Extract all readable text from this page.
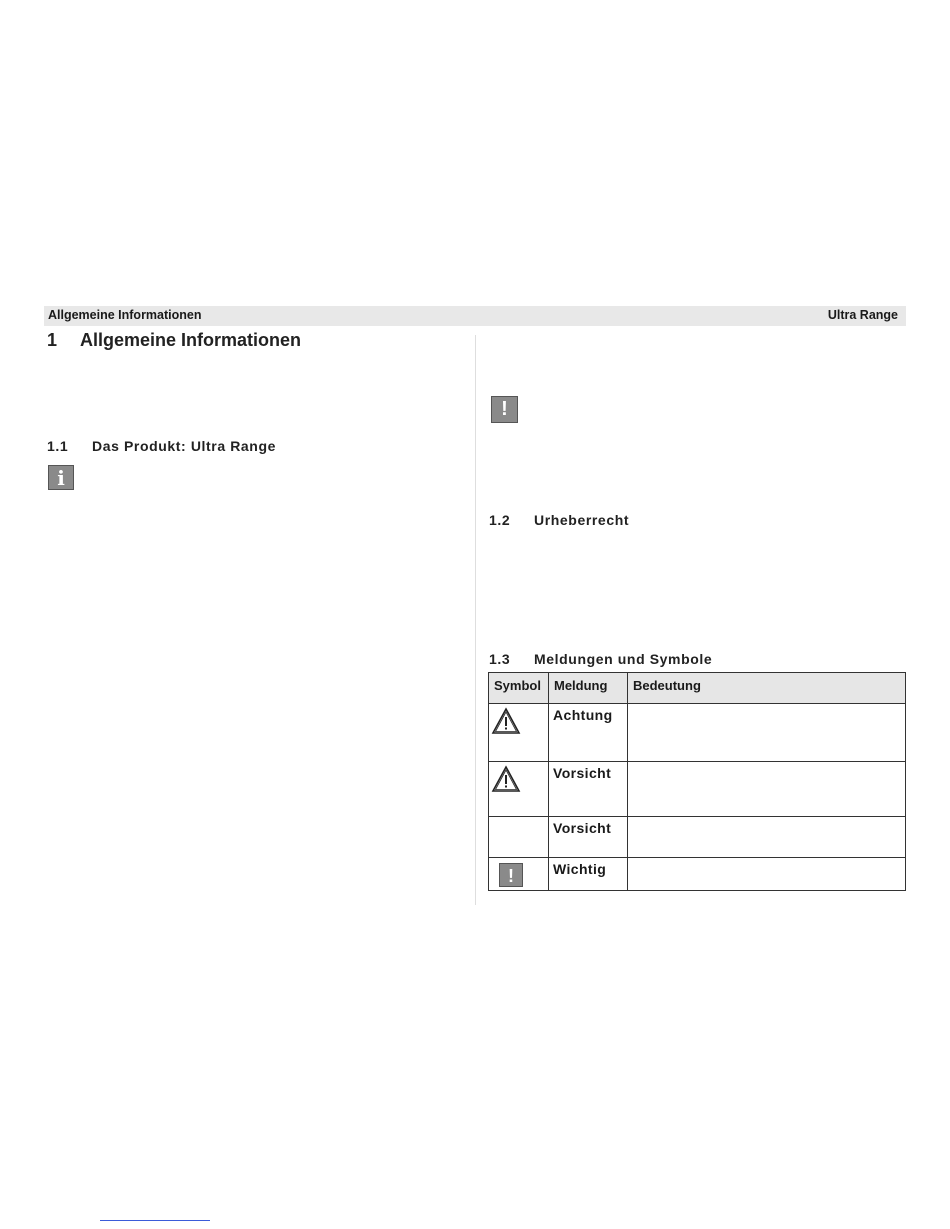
Allgemeine Informationen	Ultra Range
1	Allgemeine Informationen
1.1	Das Produkt: Ultra Range
i
!
1.2	Urheberrecht
1.3	Meldungen und Symbole
Symbol	Meldung	Bedeutung
	Achtung	
	Vorsicht	
	Vorsicht	
!	Wichtig	
